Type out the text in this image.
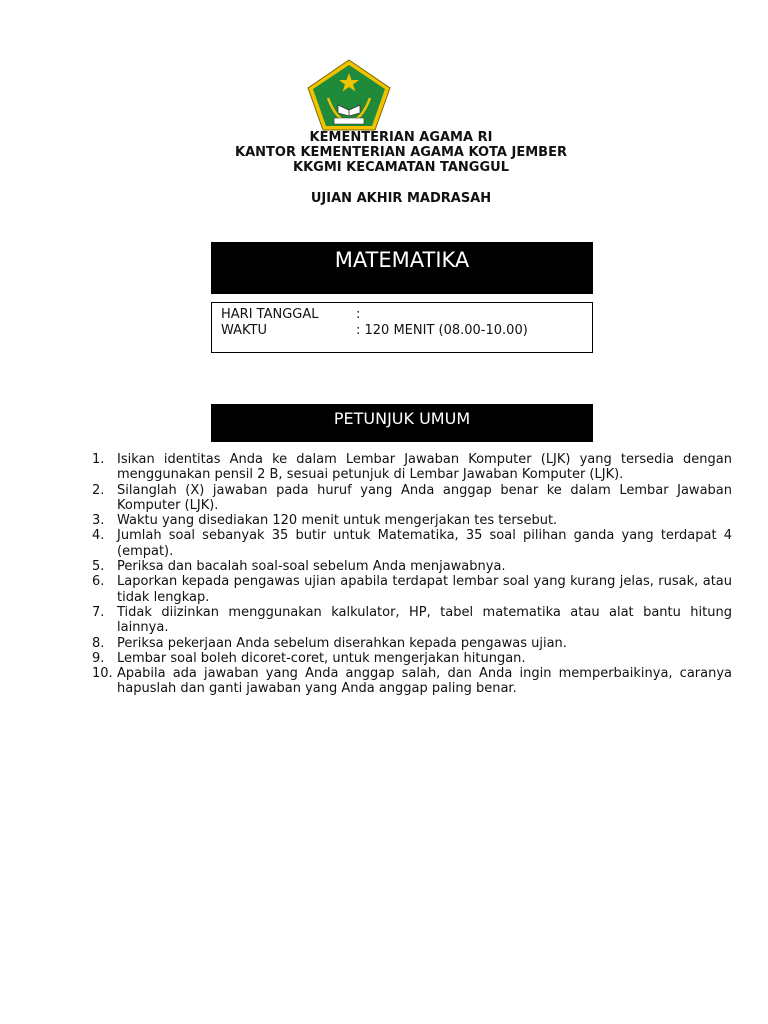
KEMENTERIAN AGAMA RI
KANTOR KEMENTERIAN AGAMA KOTA JEMBER
KKGMI KECAMATAN TANGGUL
UJIAN AKHIR MADRASAH
MATEMATIKA
HARI TANGGAL	:
WAKTU	: 120 MENIT (08.00-10.00)
PETUNJUK UMUM
1. Isikan identitas Anda ke dalam Lembar Jawaban Komputer (LJK) yang tersedia dengan menggunakan pensil 2 B, sesuai petunjuk di Lembar Jawaban Komputer (LJK).
2. Silanglah (X) jawaban pada huruf yang Anda anggap benar ke dalam Lembar Jawaban Komputer (LJK).
3. Waktu yang disediakan 120 menit untuk mengerjakan tes tersebut.
4. Jumlah soal sebanyak 35 butir untuk Matematika, 35 soal pilihan ganda yang terdapat 4 (empat).
5. Periksa dan bacalah soal-soal sebelum Anda menjawabnya.
6. Laporkan kepada pengawas ujian apabila terdapat lembar soal yang kurang jelas, rusak, atau tidak lengkap.
7. Tidak diizinkan menggunakan kalkulator, HP, tabel matematika atau alat bantu hitung lainnya.
8. Periksa pekerjaan Anda sebelum diserahkan kepada pengawas ujian.
9. Lembar soal boleh dicoret-coret, untuk mengerjakan hitungan.
10. Apabila ada jawaban yang Anda anggap salah, dan Anda ingin memperbaikinya, caranya hapuslah dan ganti jawaban yang Anda anggap paling benar.
